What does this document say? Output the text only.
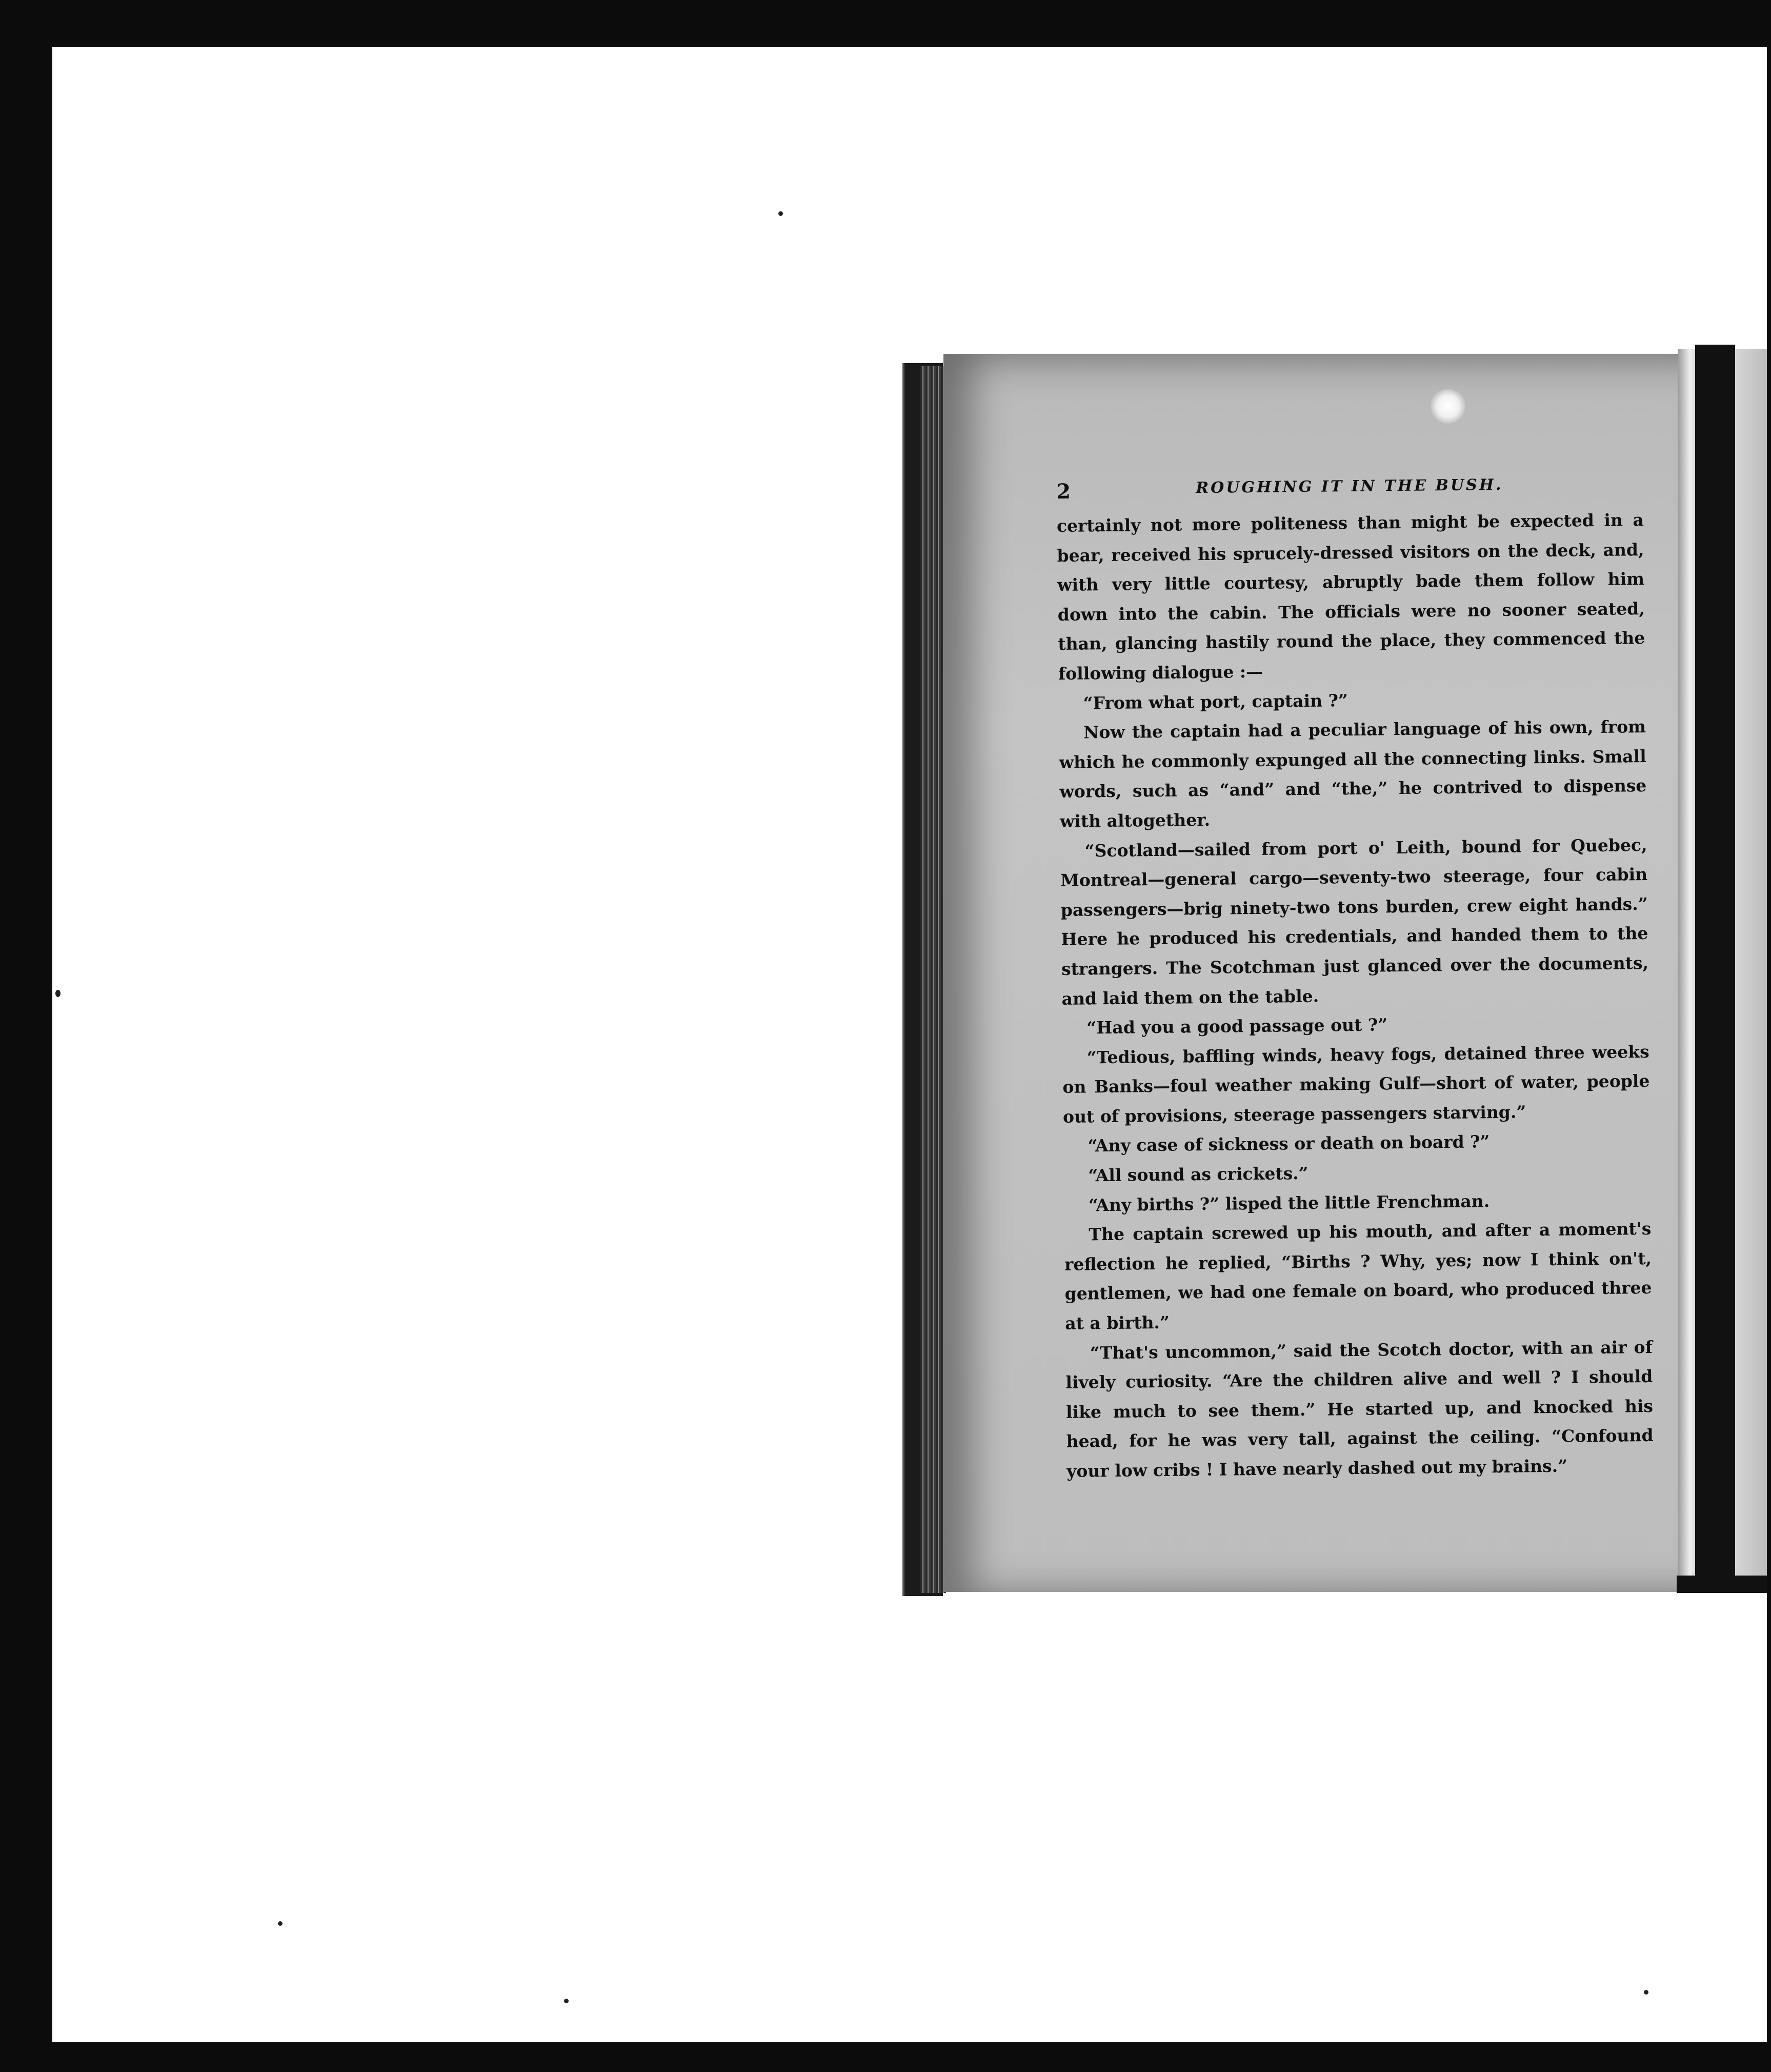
2	ROUGHING IT IN THE BUSH.
certainly not more politeness than might be expected in a
bear, received his sprucely-dressed visitors on the deck, and,
with very little courtesy, abruptly bade them follow him
down into the cabin. The officials were no sooner seated,
than, glancing hastily round the place, they commenced the
following dialogue :—
“From what port, captain ?”
Now the captain had a peculiar language of his own, from
which he commonly expunged all the connecting links. Small
words, such as “and” and “the,” he contrived to dispense
with altogether.
“Scotland—sailed from port o' Leith, bound for Quebec,
Montreal—general cargo—seventy-two steerage, four cabin
passengers—brig ninety-two tons burden, crew eight hands.”
Here he produced his credentials, and handed them to the
strangers. The Scotchman just glanced over the documents,
and laid them on the table.
“Had you a good passage out ?”
“Tedious, baffling winds, heavy fogs, detained three weeks
on Banks—foul weather making Gulf—short of water, people
out of provisions, steerage passengers starving.”
“Any case of sickness or death on board ?”
“All sound as crickets.”
“Any births ?” lisped the little Frenchman.
The captain screwed up his mouth, and after a moment's
reflection he replied, “Births ? Why, yes; now I think on't,
gentlemen, we had one female on board, who produced three
at a birth.”
“That's uncommon,” said the Scotch doctor, with an air of
lively curiosity. “Are the children alive and well ? I should
like much to see them.” He started up, and knocked his
head, for he was very tall, against the ceiling. “Confound
your low cribs ! I have nearly dashed out my brains.”
